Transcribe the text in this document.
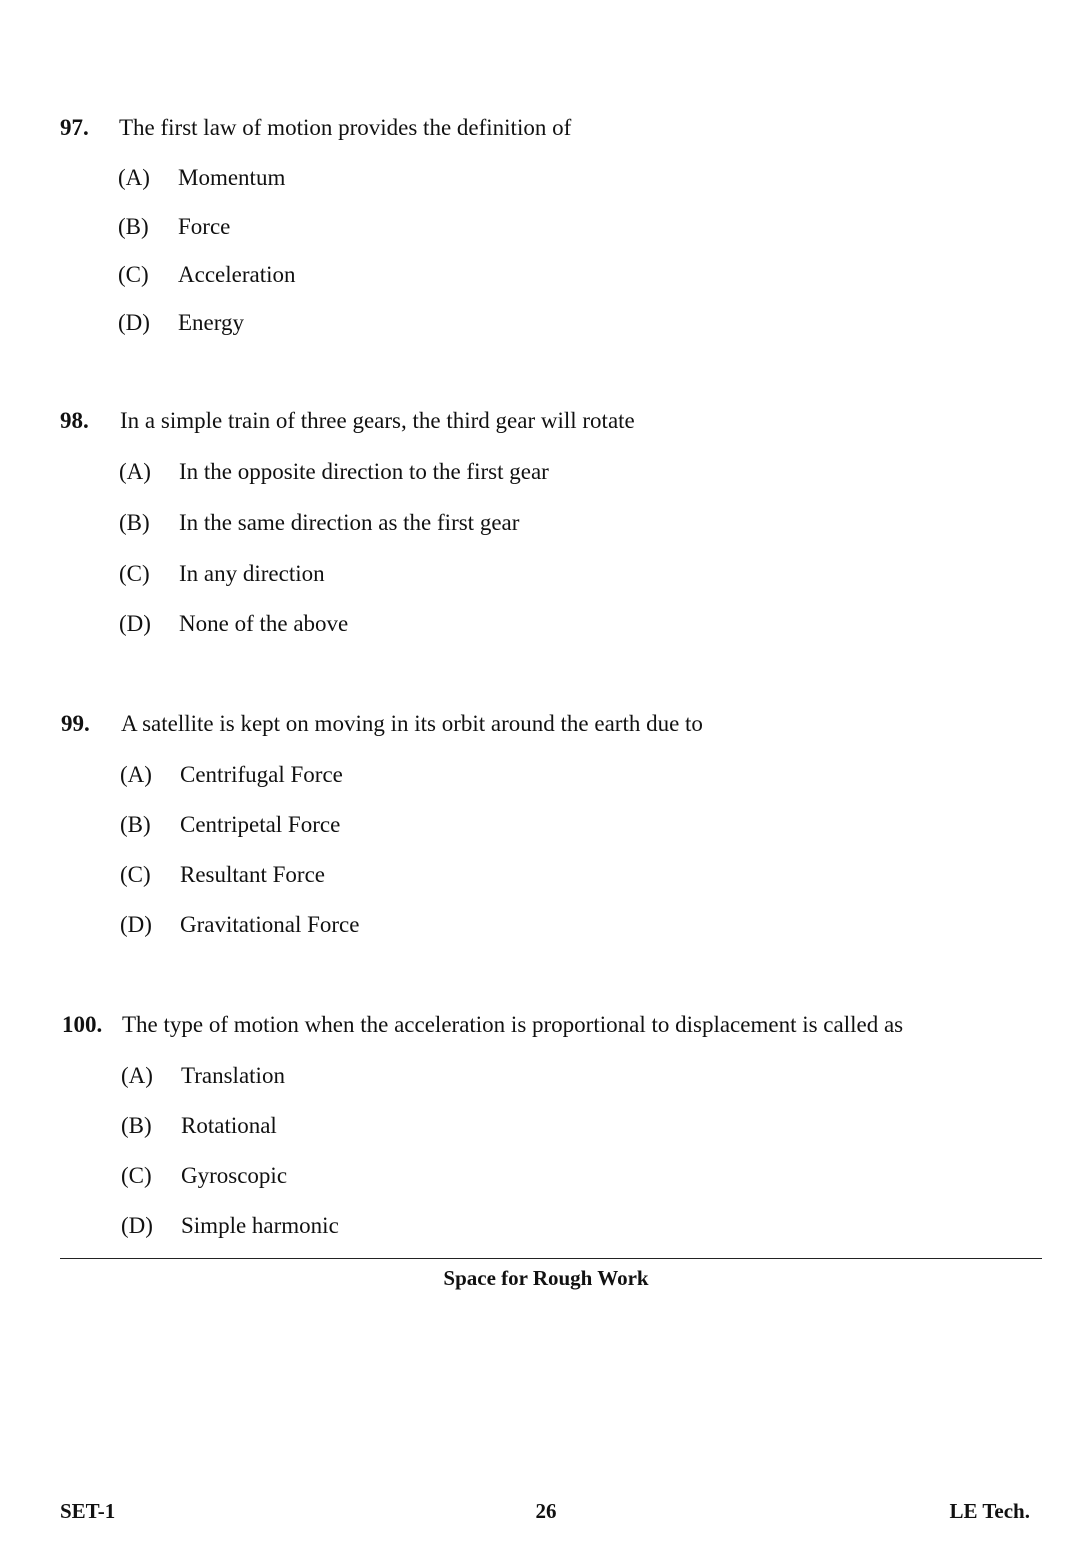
97. The first law of motion provides the definition of
(A) Momentum
(B) Force
(C) Acceleration
(D) Energy
98. In a simple train of three gears, the third gear will rotate
(A) In the opposite direction to the first gear
(B) In the same direction as the first gear
(C) In any direction
(D) None of the above
99. A satellite is kept on moving in its orbit around the earth due to
(A) Centrifugal Force
(B) Centripetal Force
(C) Resultant Force
(D) Gravitational Force
100. The type of motion when the acceleration is proportional to displacement is called as
(A) Translation
(B) Rotational
(C) Gyroscopic
(D) Simple harmonic
Space for Rough Work
SET-1	26	LE Tech.
